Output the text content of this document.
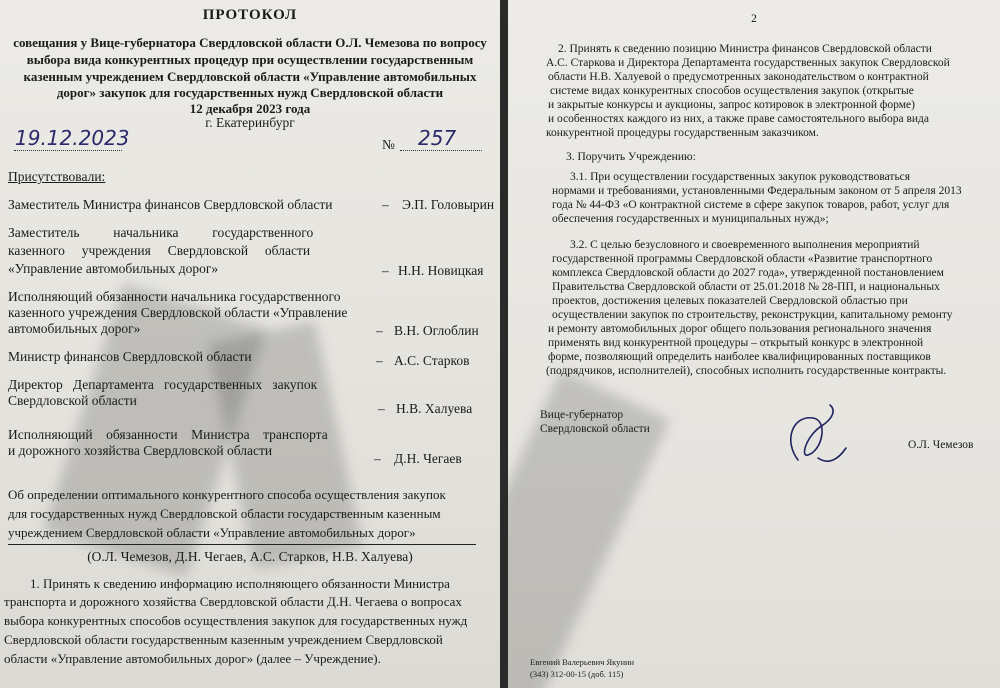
ПРОТОКОЛ
совещания у Вице-губернатора Свердловской области О.Л. Чемезова по вопросу
выбора вида конкурентных процедур при осуществлении государственным
казенным учреждением Свердловской области «Управление автомобильных
дорог» закупок для государственных нужд Свердловской области
12 декабря 2023 года
г. Екатеринбург
19.12.2023	№ 257
Присутствовали:
Заместитель Министра финансов Свердловской области	– Э.П. Головырин
Заместитель          начальника          государственного
казенного     учреждения     Свердловской     области
«Управление автомобильных дорог»	– Н.Н. Новицкая
Исполняющий обязанности начальника государственного
казенного учреждения Свердловской области «Управление
автомобильных дорог»	– В.Н. Оглоблин
Министр финансов Свердловской области	– А.С. Старков
Директор   Департамента   государственных   закупок
Свердловской области
– Н.В. Халуева
Исполняющий    обязанности    Министра    транспорта
и дорожного хозяйства Свердловской области
– Д.Н. Чегаев
Об определении оптимального конкурентного способа осуществления закупок
для государственных нужд Свердловской области государственным казенным
учреждением Свердловской области «Управление автомобильных дорог»
(О.Л. Чемезов, Д.Н. Чегаев, А.С. Старков, Н.В. Халуева)
1. Принять к сведению информацию исполняющего обязанности Министра
транспорта и дорожного хозяйства Свердловской области Д.Н. Чегаева о вопросах
выбора конкурентных способов осуществления закупок для государственных нужд
Свердловской области государственным казенным учреждением Свердловской
области «Управление автомобильных дорог» (далее – Учреждение).
2
2. Принять к сведению позицию Министра финансов Свердловской области
А.С. Старкова и Директора Департамента государственных закупок Свердловской
области Н.В. Халуевой о предусмотренных законодательством о контрактной
системе видах конкурентных способов осуществления закупок (открытые
и закрытые конкурсы и аукционы, запрос котировок в электронной форме)
и особенностях каждого из них, а также праве самостоятельного выбора вида
конкурентной процедуры государственным заказчиком.
3. Поручить Учреждению:
3.1. При осуществлении государственных закупок руководствоваться
нормами и требованиями, установленными Федеральным законом от 5 апреля 2013
года № 44-ФЗ «О контрактной системе в сфере закупок товаров, работ, услуг для
обеспечения государственных и муниципальных нужд»;
3.2. С целью безусловного и своевременного выполнения мероприятий
государственной программы Свердловской области «Развитие транспортного
комплекса Свердловской области до 2027 года», утвержденной постановлением
Правительства Свердловской области от 25.01.2018 № 28-ПП, и национальных
проектов, достижения целевых показателей Свердловской областью при
осуществлении закупок по строительству, реконструкции, капитальному ремонту
и ремонту автомобильных дорог общего пользования регионального значения
применять вид конкурентной процедуры – открытый конкурс в электронной
форме, позволяющий определить наиболее квалифицированных поставщиков
(подрядчиков, исполнителей), способных исполнить государственные контракты.
Вице-губернатор
Свердловской области
О.Л. Чемезов
Евгений Валерьевич Якунин
(343) 312-00-15 (доб. 115)
